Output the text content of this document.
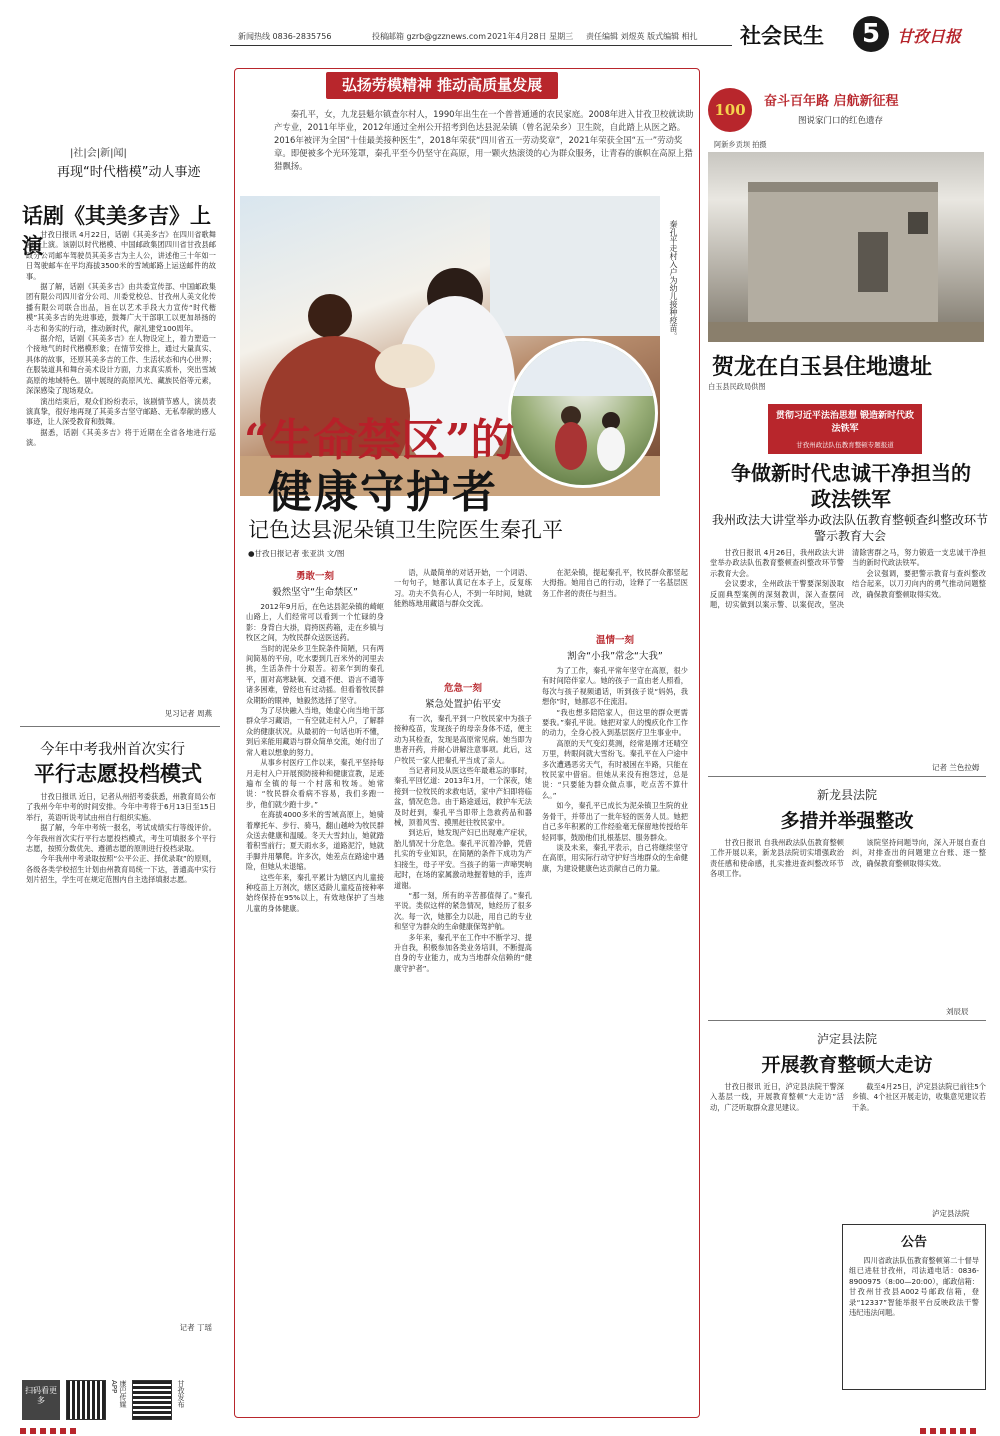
新闻热线 0836-2835756	投稿邮箱 gzrb@gzznews.com 2021年4月28日 星期三 责任编辑 刘煜英 版式编辑 相扎 社会民生	5	甘孜日报
|社|会|新|闻|
再现“时代楷模”动人事迹
话剧《其美多吉》上演

甘孜日报讯 4月22日，话剧《其美多吉》在四川省歌舞剧院上演。该剧以时代楷模、中国邮政集团四川省甘孜县邮政分公司邮车驾驶员其美多吉为主人公，讲述他三十年如一日驾驶邮车在平均海拔3500米的雪域邮路上运送邮件的故事。

据了解，话剧《其美多吉》由共委宣传部、中国邮政集团有限公司四川省分公司、川委党校总、甘孜州人美文化传播有限公司联合出品，旨在以艺术手段大力宣传“时代楷模”其美多吉的先进事迹，鼓舞广大干部职工以更加昂扬的斗志和务实的行动，推动新时代，献礼建党100周年。

据介绍，话剧《其美多吉》在人物设定上，着力塑造一个接地气的时代楷模形象；在情节安排上，通过大量真实、具体的故事，还原其美多吉的工作、生活状态和内心世界；在服装道具和舞台美术设计方面，力求真实质朴，突出雪域高原的地域特色。剧中展现的高原风光、藏族民俗等元素，深深感染了现场观众。

演出结束后，观众们纷纷表示，该剧情节感人，演员表演真挚，很好地再现了其美多吉坚守邮路、无私奉献的感人事迹，让人深受教育和鼓舞。

据悉，话剧《其美多吉》将于近期在全省各地进行巡演。

见习记者 周燕
今年中考我州首次实行
平行志愿投档模式

甘孜日报讯 近日，记者从州招考委获悉，州教育局公布了我州今年中考的时间安排。今年中考将于6月13日至15日举行，英语听说考试由州自行组织实施。

据了解，今年中考统一报名，考试成绩实行等级评价。今年我州首次实行平行志愿投档模式，考生可填报多个平行志愿，按照分数优先、遵循志愿的原则进行投档录取。

今年我州中考录取按照“公平公正、择优录取”的原则，各级各类学校招生计划由州教育局统一下达，普通高中实行划片招生，学生可在规定范围内自主选择填报志愿。

记者 丁瑶
扫码看更多	康巴传媒APP	甘孜发布
弘扬劳模精神 推动高质量发展
秦孔平，女，九龙县魁尔镇查尔村人，1990年出生在一个普普通通的农民家庭。2008年进入甘孜卫校就读助产专业，2011年毕业，2012年通过全州公开招考到色达县泥朵镇（曾名泥朵乡）卫生院，自此踏上从医之路。 2016年被评为全国“十佳最美接种医生”，2018年荣获“四川省五一劳动奖章”，2021年荣获全国“五一”劳动奖章。即便被多个光环笼罩，秦孔平至今仍坚守在高原，用一颗火热滚烫的心为群众服务，让青春的旗帜在高原上猎猎飘扬。
秦孔平走村入户为幼儿接种疫苗。
“生命禁区”的
健康守护者
记色达县泥朵镇卫生院医生秦孔平
●甘孜日报记者 张亚洪 文/图
勇敢一刻
毅然坚守“生命禁区”

2012年9月后，在色达县泥朵镇的崎岖山路上，人们经常可以看到一个忙碌的身影：身背白大褂，肩挎医药箱，走在乡镇与牧区之间，为牧民群众送医送药。

当时的泥朵乡卫生院条件简陋，只有两间简易的平房，吃水要到几百米外的河里去挑，生活条件十分艰苦。初来乍到的秦孔平，面对高寒缺氧、交通不便、语言不通等诸多困难，曾经也有过动摇。但看着牧民群众期盼的眼神，她毅然选择了坚守。

为了尽快融入当地，她虚心向当地干部群众学习藏语，一有空就走村入户，了解群众的健康状况。从最初的一句话也听不懂，到后来能用藏语与群众简单交流，她付出了常人难以想象的努力。

从事乡村医疗工作以来，秦孔平坚持每月走村入户开展预防接种和健康宣教，足迹遍布全镇的每一个村落和牧场。她常说：“牧民群众看病不容易，我们多跑一步，他们就少跑十步。”

在海拔4000多米的雪域高原上，她骑着摩托车、步行、骑马，翻山越岭为牧民群众送去健康和温暖。冬天大雪封山，她就踏着积雪前行；夏天雨水多，道路泥泞，她就手脚并用攀爬。许多次，她差点在路途中遇险，但她从未退缩。

这些年来，秦孔平累计为辖区内儿童接种疫苗上万剂次，辖区适龄儿童疫苗接种率始终保持在95%以上，有效地保护了当地儿童的身体健康。

语，从最简单的对话开始，一个词语、一句句子，她都认真记在本子上，反复练习。功夫不负有心人，不到一年时间，她就能熟练地用藏语与群众交流。

危急一刻
紧急处置护佑平安

有一次，秦孔平到一户牧民家中为孩子接种疫苗，发现孩子的母亲身体不适，便主动为其检查，发现是高原常见病。她当即为患者开药，并耐心讲解注意事项。此后，这户牧民一家人把秦孔平当成了亲人。

当记者问及从医这些年最难忘的事时，秦孔平回忆道：2013年1月，一个深夜，她接到一位牧民的求救电话，家中产妇即将临盆，情况危急。由于路途遥远，救护车无法及时赶到，秦孔平当即带上急救药品和器械，顶着风雪、摸黑赶往牧民家中。

到达后，她发现产妇已出现难产症状，胎儿情况十分危急。秦孔平沉着冷静，凭借扎实的专业知识，在简陋的条件下成功为产妇接生，母子平安。当孩子的第一声啼哭响起时，在场的家属激动地握着她的手，连声道谢。

“那一刻，所有的辛苦都值得了。”秦孔平说。类似这样的紧急情况，她经历了很多次。每一次，她都全力以赴，用自己的专业和坚守为群众的生命健康保驾护航。

多年来，秦孔平在工作中不断学习、提升自我，积极参加各类业务培训，不断提高自身的专业能力，成为当地群众信赖的“健康守护者”。

在泥朵镇，提起秦孔平，牧民群众都竖起大拇指。她用自己的行动，诠释了一名基层医务工作者的责任与担当。

温情一刻
割舍“小我”常念“大我”

为了工作，秦孔平常年坚守在高原，很少有时间陪伴家人。她的孩子一直由老人照看，每次与孩子视频通话，听到孩子说“妈妈，我想你”时，她都忍不住流泪。

“我也想多陪陪家人，但这里的群众更需要我。”秦孔平说。她把对家人的愧疚化作工作的动力，全身心投入到基层医疗卫生事业中。

高原的天气变幻莫测，经常是刚才还晴空万里，转眼间就大雪纷飞。秦孔平在入户途中多次遭遇恶劣天气，有时被困在半路，只能在牧民家中借宿。但她从来没有抱怨过，总是说：“只要能为群众做点事，吃点苦不算什么。”

如今，秦孔平已成长为泥朵镇卫生院的业务骨干，并带出了一批年轻的医务人员。她把自己多年积累的工作经验毫无保留地传授给年轻同事，鼓励他们扎根基层、服务群众。

谈及未来，秦孔平表示，自己将继续坚守在高原，用实际行动守护好当地群众的生命健康，为建设健康色达贡献自己的力量。

100	奋斗百年路 启航新征程
图说家门口的红色遗存
阿新乡贡坝 拍摄
贺龙在白玉县住地遗址
白玉县民政局供图
贯彻习近平法治思想 锻造新时代政法铁军
甘孜州政法队伍教育整顿专题报道
争做新时代忠诚干净担当的政法铁军
我州政法大讲堂举办政法队伍教育整顿查纠整改环节警示教育大会

甘孜日报讯 4月26日，我州政法大讲堂举办政法队伍教育整顿查纠整改环节警示教育大会。

会议要求，全州政法干警要深刻汲取反面典型案例的深刻教训，深入查摆问题，切实做到以案示警、以案促改，坚决清除害群之马，努力锻造一支忠诚干净担当的新时代政法铁军。

会议强调，要把警示教育与查纠整改结合起来，以刀刃向内的勇气推动问题整改，确保教育整顿取得实效。

记者 兰色拉姆
新龙县法院
多措并举强整改

甘孜日报讯 自我州政法队伍教育整顿工作开展以来，新龙县法院切实增强政治责任感和使命感，扎实推进查纠整改环节各项工作。

该院坚持问题导向，深入开展自查自纠，对排查出的问题建立台账、逐一整改，确保教育整顿取得实效。

刘辰辰
泸定县法院
开展教育整顿大走访

甘孜日报讯 近日，泸定县法院干警深入基层一线，开展教育整顿“大走访”活动，广泛听取群众意见建议。

截至4月25日，泸定县法院已前往5个乡镇、4个社区开展走访，收集意见建议若干条。

泸定县法院
公告
四川省政法队伍教育整顿第二十督导组已进驻甘孜州，司法通电话：0836-8900975（8:00—20:00），邮政信箱：甘孜州甘孜县A002号邮政信箱，登录“12337”智能举报平台反映政法干警违纪违法问题。
